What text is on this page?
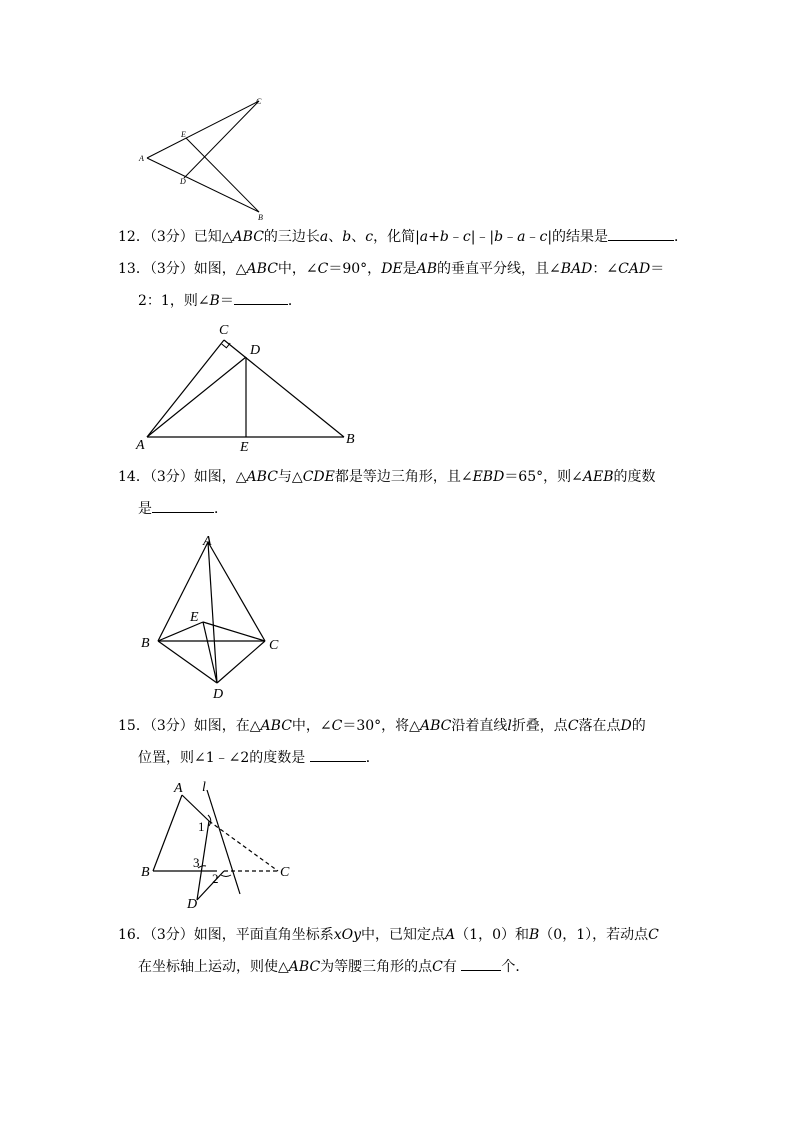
C
E
A
D
B
12．（3分）已知△ABC的三边长a、b、c，化简|a+b﹣c|﹣|b﹣a﹣c|的结果是	．
13．（3分）如图，△ABC中，∠C＝90°，DE是AB的垂直平分线，且∠BAD：∠CAD＝
2：1，则∠B＝	．
C
D
A	E
B
14．（3分）如图，△ABC与△CDE都是等边三角形，且∠EBD＝65°，则∠AEB的度数
是	．
A
E
B	C
D
15．（3分）如图，在△ABC中，∠C＝30°，将△ABC沿着直线l折叠，点C落在点D的
位置，则∠1﹣∠2的度数是	．
A l
1
3
B	2	C
D
16．（3分）如图，平面直角坐标系xOy中，已知定点A（1，0）和B（0，1），若动点C
在坐标轴上运动，则使△ABC为等腰三角形的点C有	个．
